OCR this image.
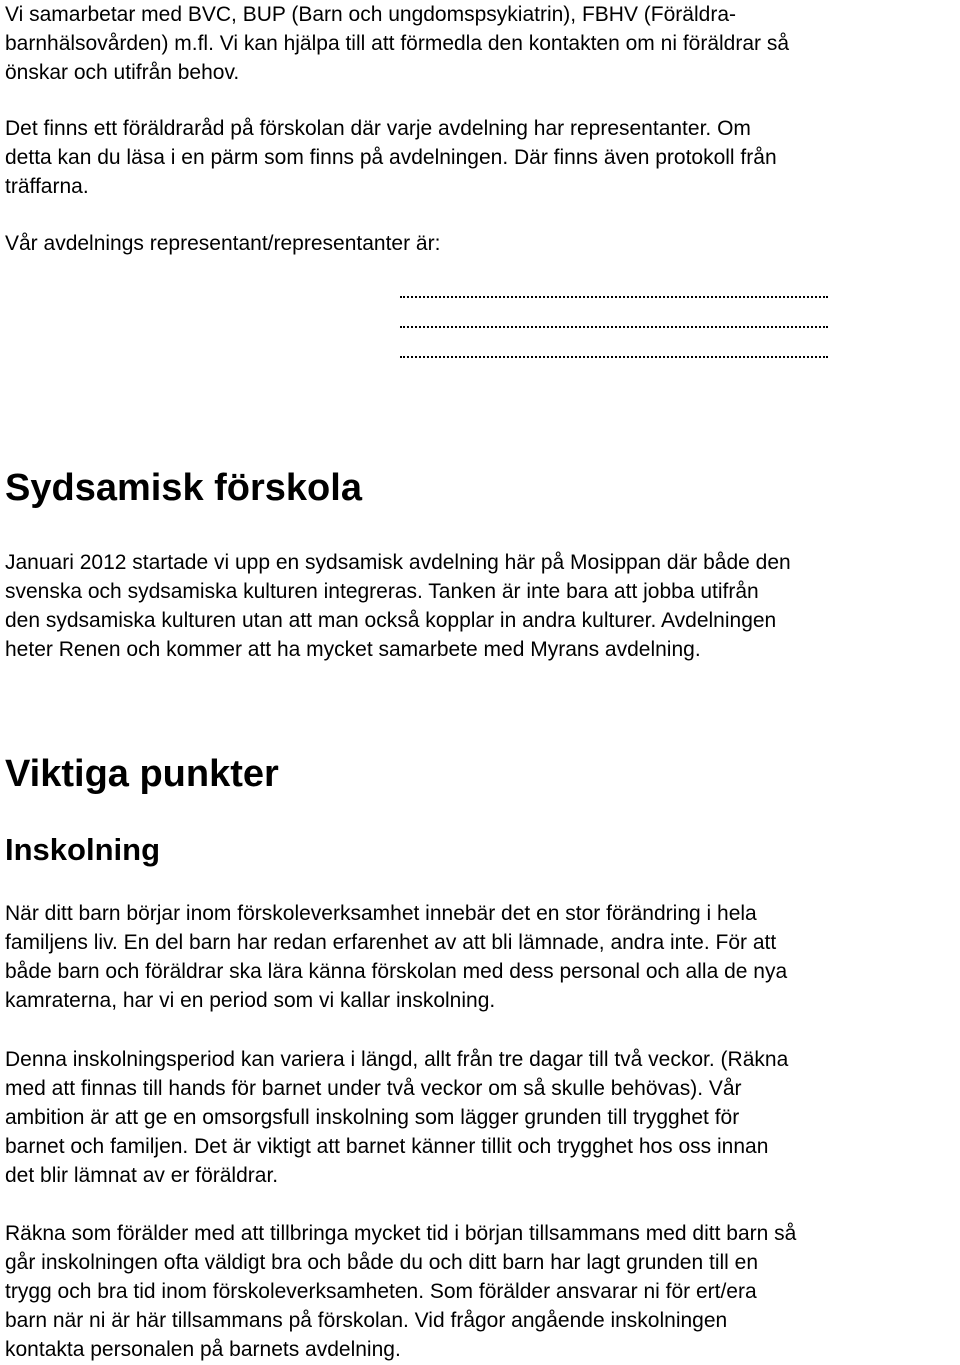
Vi samarbetar med BVC, BUP (Barn och ungdomspsykiatrin), FBHV (Föräldra-
barnhälsovården) m.fl. Vi kan hjälpa till att förmedla den kontakten om ni föräldrar så
önskar och utifrån behov.

Det finns ett föräldraråd på förskolan där varje avdelning har representanter. Om
detta kan du läsa i en pärm som finns på avdelningen. Där finns även protokoll från
träffarna.

Vår avdelnings representant/representanter är:

Sydsamisk förskola

Januari 2012 startade vi upp en sydsamisk avdelning här på Mosippan där både den
svenska och sydsamiska kulturen integreras. Tanken är inte bara att jobba utifrån
den sydsamiska kulturen utan att man också kopplar in andra kulturer. Avdelningen
heter Renen och kommer att ha mycket samarbete med Myrans avdelning.

Viktiga punkter
Inskolning

När ditt barn börjar inom förskoleverksamhet innebär det en stor förändring i hela
familjens liv. En del barn har redan erfarenhet av att bli lämnade, andra inte. För att
både barn och föräldrar ska lära känna förskolan med dess personal och alla de nya
kamraterna, har vi en period som vi kallar inskolning.

Denna inskolningsperiod kan variera i längd, allt från tre dagar till två veckor. (Räkna
med att finnas till hands för barnet under två veckor om så skulle behövas). Vår
ambition är att ge en omsorgsfull inskolning som lägger grunden till trygghet för
barnet och familjen. Det är viktigt att barnet känner tillit och trygghet hos oss innan
det blir lämnat av er föräldrar.

Räkna som förälder med att tillbringa mycket tid i början tillsammans med ditt barn så
går inskolningen ofta väldigt bra och både du och ditt barn har lagt grunden till en
trygg och bra tid inom förskoleverksamheten. Som förälder ansvarar ni för ert/era
barn när ni är här tillsammans på förskolan. Vid frågor angående inskolningen
kontakta personalen på barnets avdelning.
